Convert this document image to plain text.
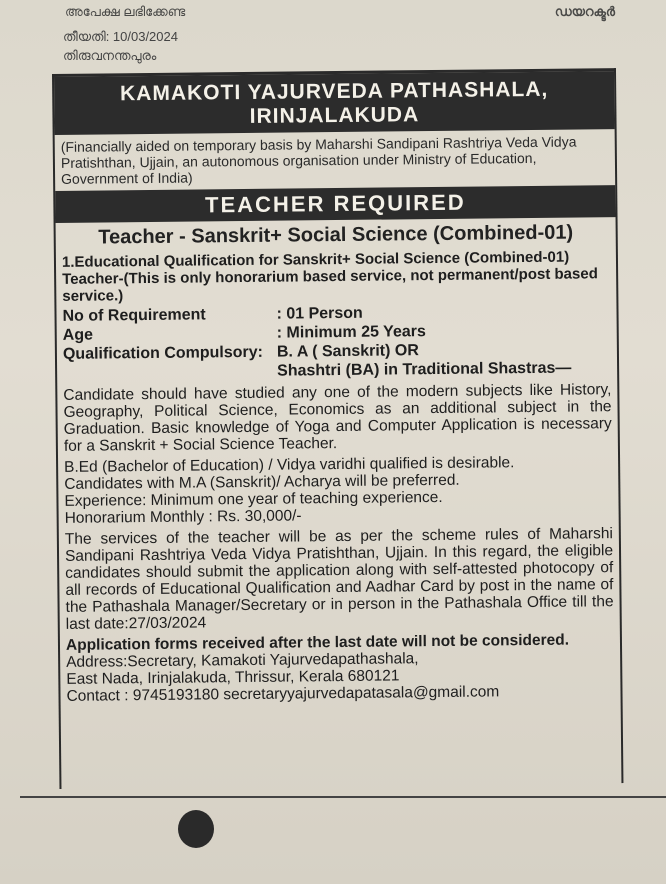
അപേക്ഷ ലഭിക്കേണ്ട	ഡയറക്ടർ
തീയതി: 10/03/2024
തിരുവനന്തപുരം
KAMAKOTI YAJURVEDA PATHASHALA,
IRINJALAKUDA
(Financially aided on temporary basis by Maharshi Sandipani Rashtriya Veda Vidya Pratishthan, Ujjain, an autonomous organisation under Ministry of Education, Government of India)
TEACHER REQUIRED
Teacher - Sanskrit+ Social Science (Combined-01)
1.Educational Qualification for Sanskrit+ Social Science (Combined-01) Teacher-(This is only honorarium based service, not permanent/post based service.)
No of Requirement	: 01 Person
Age	: Minimum 25 Years
Qualification Compulsory: B. A ( Sanskrit) OR
Shashtri (BA) in Traditional Shastras—
Candidate should have studied any one of the modern subjects like History, Geography, Political Science, Economics as an additional subject in the Graduation. Basic knowledge of Yoga and Computer Application is necessary for a Sanskrit + Social Science Teacher.
B.Ed (Bachelor of Education) / Vidya varidhi qualified is desirable.
Candidates with M.A (Sanskrit)/ Acharya will be preferred.
Experience: Minimum one year of teaching experience.
Honorarium Monthly : Rs. 30,000/-
The services of the teacher will be as per the scheme rules of Maharshi Sandipani Rashtriya Veda Vidya Pratishthan, Ujjain. In this regard, the eligible candidates should submit the application along with self-attested photocopy of all records of Educational Qualification and Aadhar Card by post in the name of the Pathashala Manager/Secretary or in person in the Pathashala Office till the last date:27/03/2024
Application forms received after the last date will not be considered.
Address:Secretary, Kamakoti Yajurvedapathashala,
East Nada, Irinjalakuda, Thrissur, Kerala 680121
Contact : 9745193180 secretaryyajurvedapatasala@gmail.com
